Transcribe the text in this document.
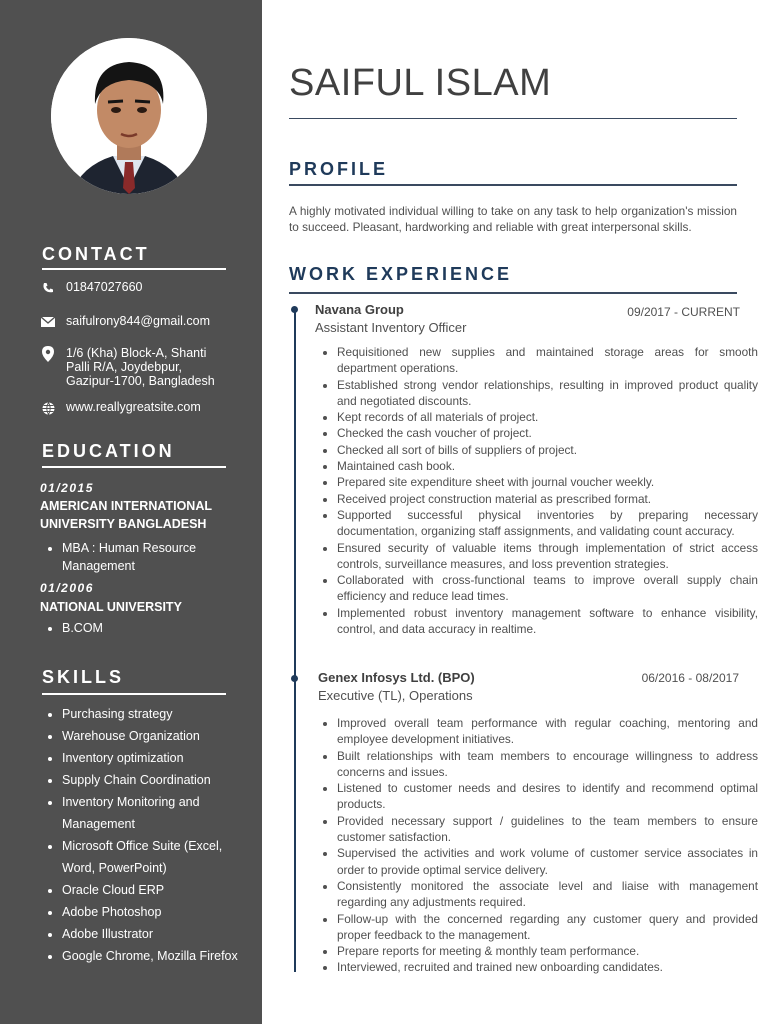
CONTACT
01847027660
saifulrony844@gmail.com
1/6 (Kha) Block-A, Shanti Palli R/A, Joydebpur, Gazipur-1700, Bangladesh
www.reallygreatsite.com
EDUCATION
01/2015
AMERICAN INTERNATIONAL UNIVERSITY BANGLADESH
• MBA : Human Resource Management
01/2006
NATIONAL UNIVERSITY
• B.COM
SKILLS
• Purchasing strategy
• Warehouse Organization
• Inventory optimization
• Supply Chain Coordination
• Inventory Monitoring and Management
• Microsoft Office Suite (Excel, Word, PowerPoint)
• Oracle Cloud ERP
• Adobe Photoshop
• Adobe Illustrator
• Google Chrome, Mozilla Firefox
SAIFUL ISLAM
PROFILE
A highly motivated individual willing to take on any task to help organization's mission to succeed. Pleasant, hardworking and reliable with great interpersonal skills.
WORK EXPERIENCE
Navana Group	09/2017 - CURRENT
Assistant Inventory Officer
• Requisitioned new supplies and maintained storage areas for smooth department operations.
• Established strong vendor relationships, resulting in improved product quality and negotiated discounts.
• Kept records of all materials of project.
• Checked the cash voucher of project.
• Checked all sort of bills of suppliers of project.
• Maintained cash book.
• Prepared site expenditure sheet with journal voucher weekly.
• Received project construction material as prescribed format.
• Supported successful physical inventories by preparing necessary documentation, organizing staff assignments, and validating count accuracy.
• Ensured security of valuable items through implementation of strict access controls, surveillance measures, and loss prevention strategies.
• Collaborated with cross-functional teams to improve overall supply chain efficiency and reduce lead times.
• Implemented robust inventory management software to enhance visibility, control, and data accuracy in realtime.
Genex Infosys Ltd. (BPO)	06/2016 - 08/2017
Executive (TL), Operations
• Improved overall team performance with regular coaching, mentoring and employee development initiatives.
• Built relationships with team members to encourage willingness to address concerns and issues.
• Listened to customer needs and desires to identify and recommend optimal products.
• Provided necessary support / guidelines to the team members to ensure customer satisfaction.
• Supervised the activities and work volume of customer service associates in order to provide optimal service delivery.
• Consistently monitored the associate level and liaise with management regarding any adjustments required.
• Follow-up with the concerned regarding any customer query and provided proper feedback to the management.
• Prepare reports for meeting & monthly team performance.
• Interviewed, recruited and trained new onboarding candidates.
